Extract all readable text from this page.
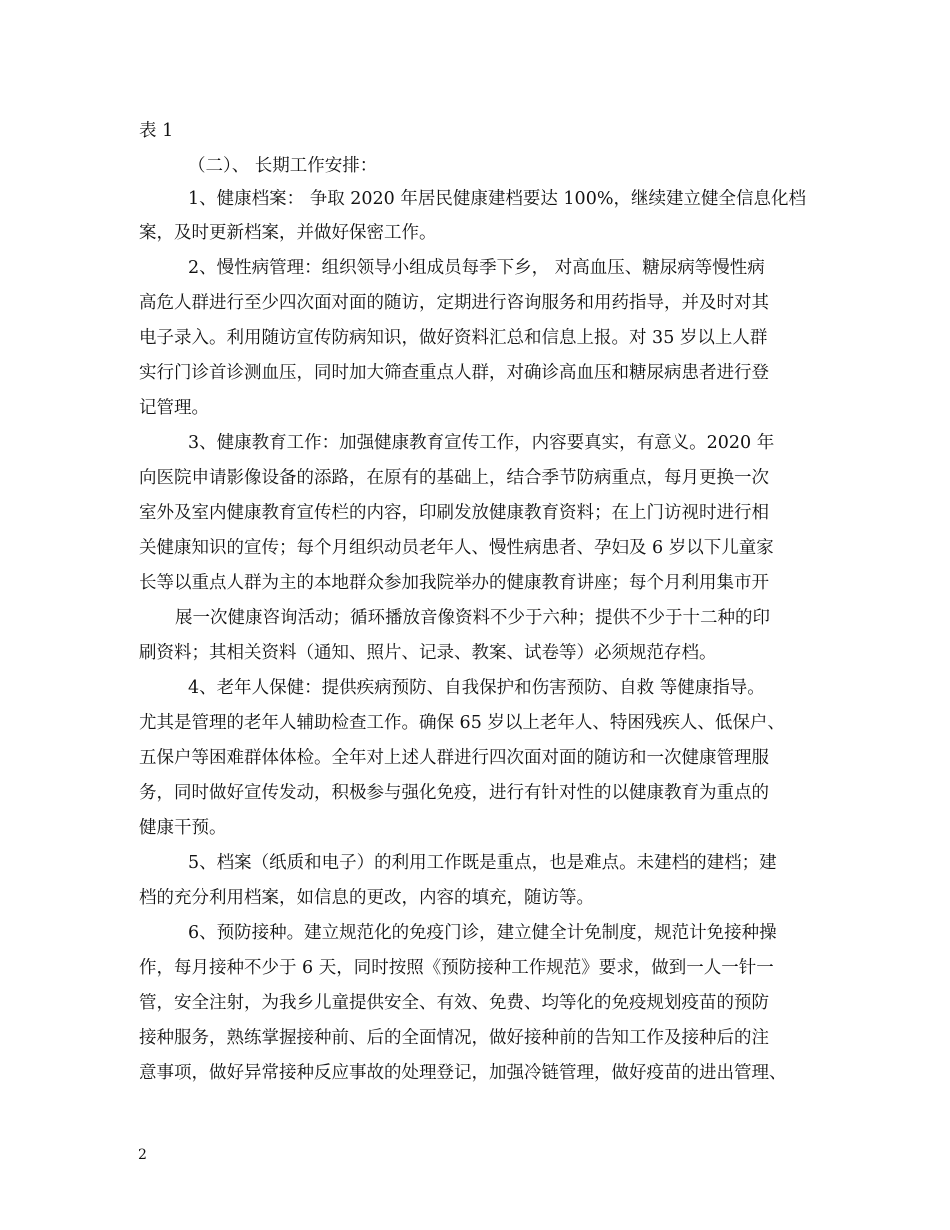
表 1
（二）、 长期工作安排：
1、健康档案： 争取 2020 年居民健康建档要达 100%，继续建立健全信息化档
案，及时更新档案，并做好保密工作。
2、慢性病管理：组织领导小组成员每季下乡， 对高血压、糖尿病等慢性病
高危人群进行至少四次面对面的随访，定期进行咨询服务和用药指导，并及时对其
电子录入。利用随访宣传防病知识，做好资料汇总和信息上报。对 35 岁以上人群
实行门诊首诊测血压，同时加大筛查重点人群，对确诊高血压和糖尿病患者进行登
记管理。
3、健康教育工作：加强健康教育宣传工作，内容要真实，有意义。2020 年
向医院申请影像设备的添路，在原有的基础上，结合季节防病重点，每月更换一次
室外及室内健康教育宣传栏的内容，印刷发放健康教育资料；在上门访视时进行相
关健康知识的宣传；每个月组织动员老年人、慢性病患者、孕妇及 6 岁以下儿童家
长等以重点人群为主的本地群众参加我院举办的健康教育讲座；每个月利用集市开
展一次健康咨询活动；循环播放音像资料不少于六种；提供不少于十二种的印
刷资料；其相关资料（通知、照片、记录、教案、试卷等）必须规范存档。
4、老年人保健：提供疾病预防、自我保护和伤害预防、自救 等健康指导。
尤其是管理的老年人辅助检查工作。确保 65 岁以上老年人、特困残疾人、低保户、
五保户等困难群体体检。全年对上述人群进行四次面对面的随访和一次健康管理服
务，同时做好宣传发动，积极参与强化免疫，进行有针对性的以健康教育为重点的
健康干预。
5、档案（纸质和电子）的利用工作既是重点，也是难点。未建档的建档；建
档的充分利用档案，如信息的更改，内容的填充，随访等。
6、预防接种。建立规范化的免疫门诊，建立健全计免制度，规范计免接种操
作，每月接种不少于 6 天，同时按照《预防接种工作规范》要求，做到一人一针一
管，安全注射，为我乡儿童提供安全、有效、免费、均等化的免疫规划疫苗的预防
接种服务，熟练掌握接种前、后的全面情况，做好接种前的告知工作及接种后的注
意事项，做好异常接种反应事故的处理登记，加强冷链管理，做好疫苗的进出管理、
2
